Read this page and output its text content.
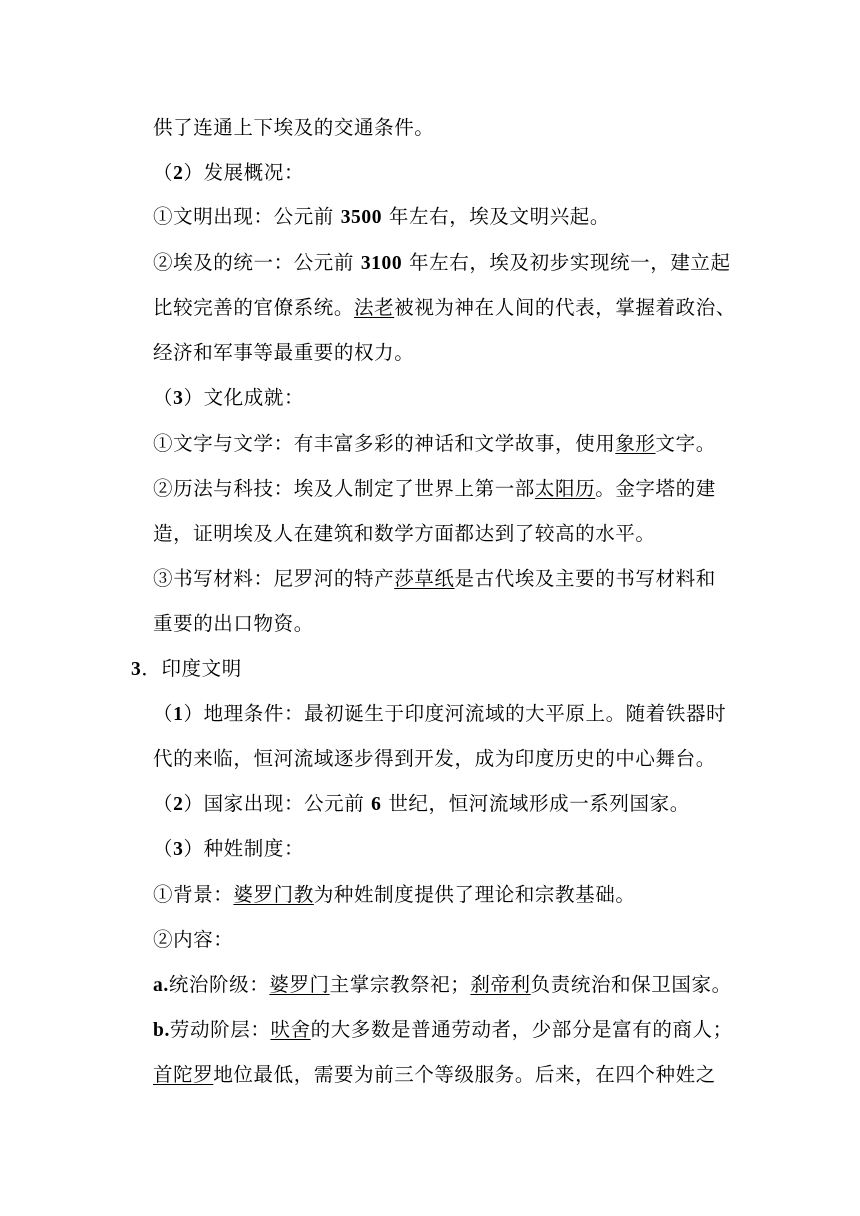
供了连通上下埃及的交通条件。
（2）发展概况：
①文明出现：公元前 3500 年左右，埃及文明兴起。
②埃及的统一：公元前 3100 年左右，埃及初步实现统一，建立起
比较完善的官僚系统。法老被视为神在人间的代表，掌握着政治、
经济和军事等最重要的权力。
（3）文化成就：
①文字与文学：有丰富多彩的神话和文学故事，使用象形文字。
②历法与科技：埃及人制定了世界上第一部太阳历。金字塔的建
造，证明埃及人在建筑和数学方面都达到了较高的水平。
③书写材料：尼罗河的特产莎草纸是古代埃及主要的书写材料和
重要的出口物资。
3．印度文明
（1）地理条件：最初诞生于印度河流域的大平原上。随着铁器时
代的来临，恒河流域逐步得到开发，成为印度历史的中心舞台。
（2）国家出现：公元前 6 世纪，恒河流域形成一系列国家。
（3）种姓制度：
①背景：婆罗门教为种姓制度提供了理论和宗教基础。
②内容：
a.统治阶级：婆罗门主掌宗教祭祀；刹帝利负责统治和保卫国家。
b.劳动阶层：吠舍的大多数是普通劳动者，少部分是富有的商人；
首陀罗地位最低，需要为前三个等级服务。后来，在四个种姓之
